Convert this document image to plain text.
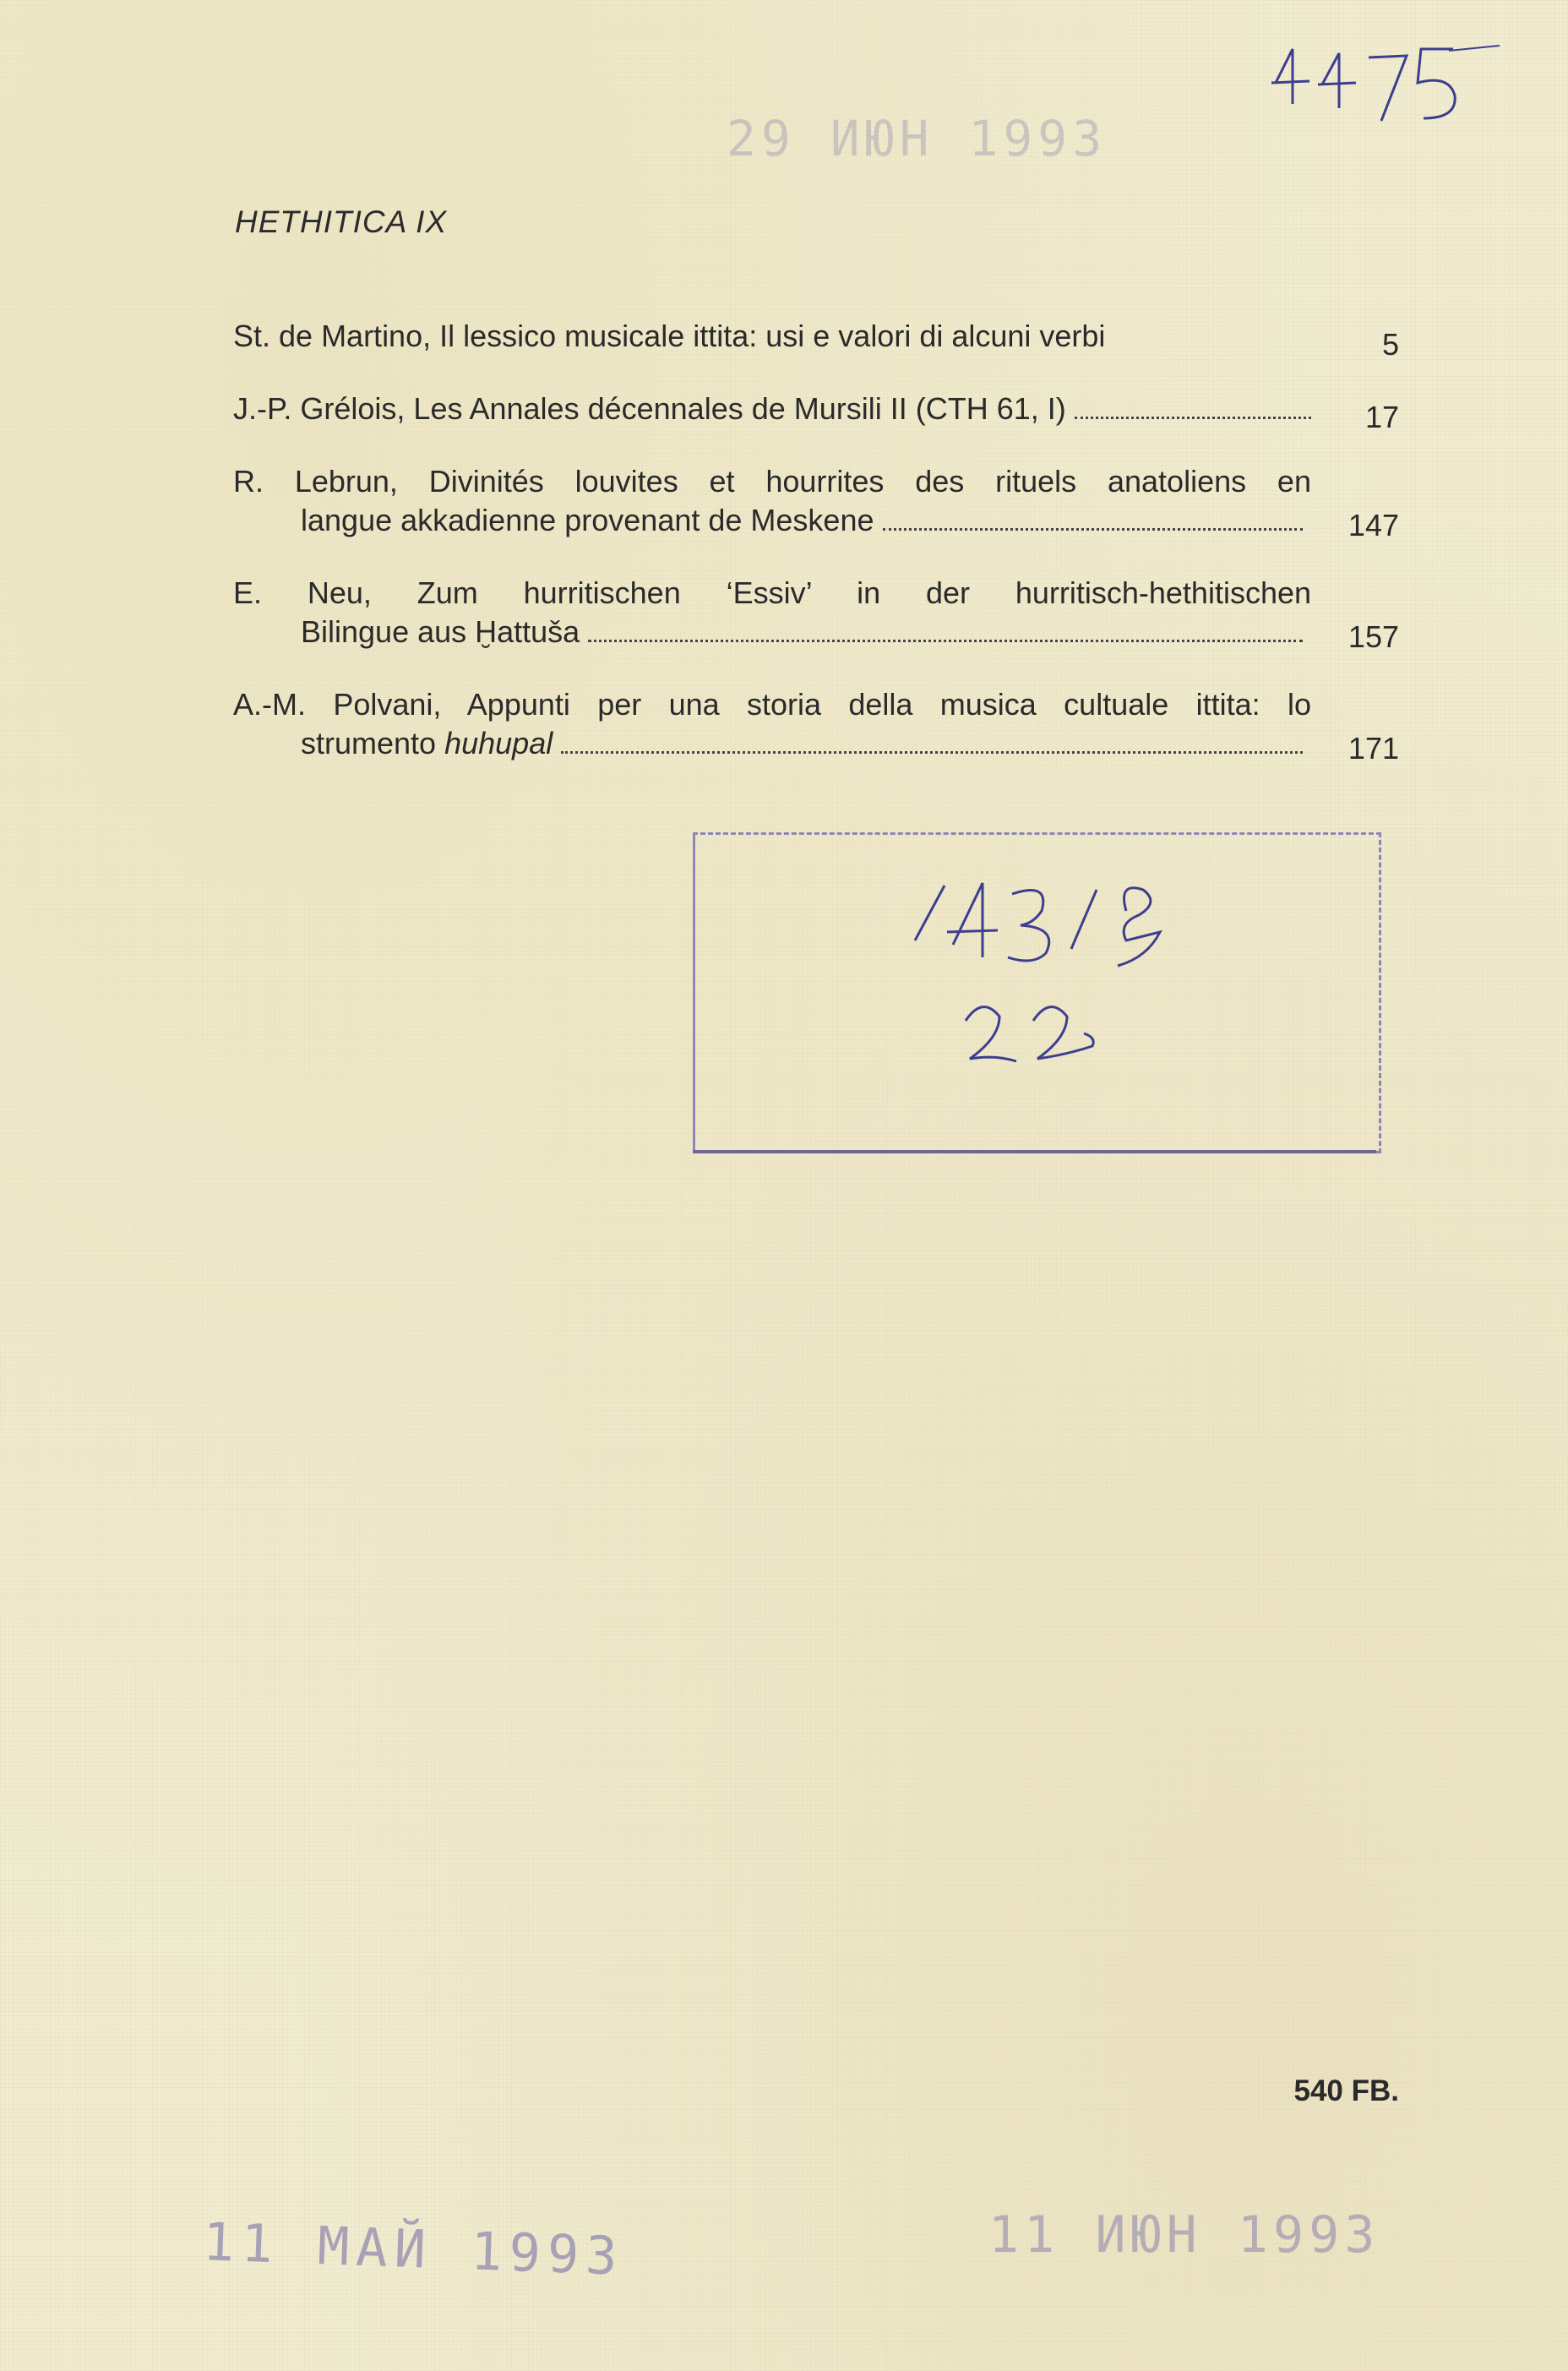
29 ИЮН 1993
HETHITICA IX
St. de Martino,
Il lessico musicale ittita: usi e valori di alcuni verbi	5
J.-P. Grélois,
Les Annales décennales de Mursili II (CTH 61, I)	17
R. Lebrun, Divinités louvites et hourrites des rituels anatoliens en
langue akkadienne provenant de Meskene	147
E. Neu, Zum hurritischen ‘Essiv’ in der hurritisch-hethitischen
Bilingue aus Ḫattuša	157
A.-M. Polvani, Appunti per una storia della musica cultuale ittita: lo
strumento
huhupal	171
540 FB.
11 МАЙ 1993	11 ИЮН 1993
